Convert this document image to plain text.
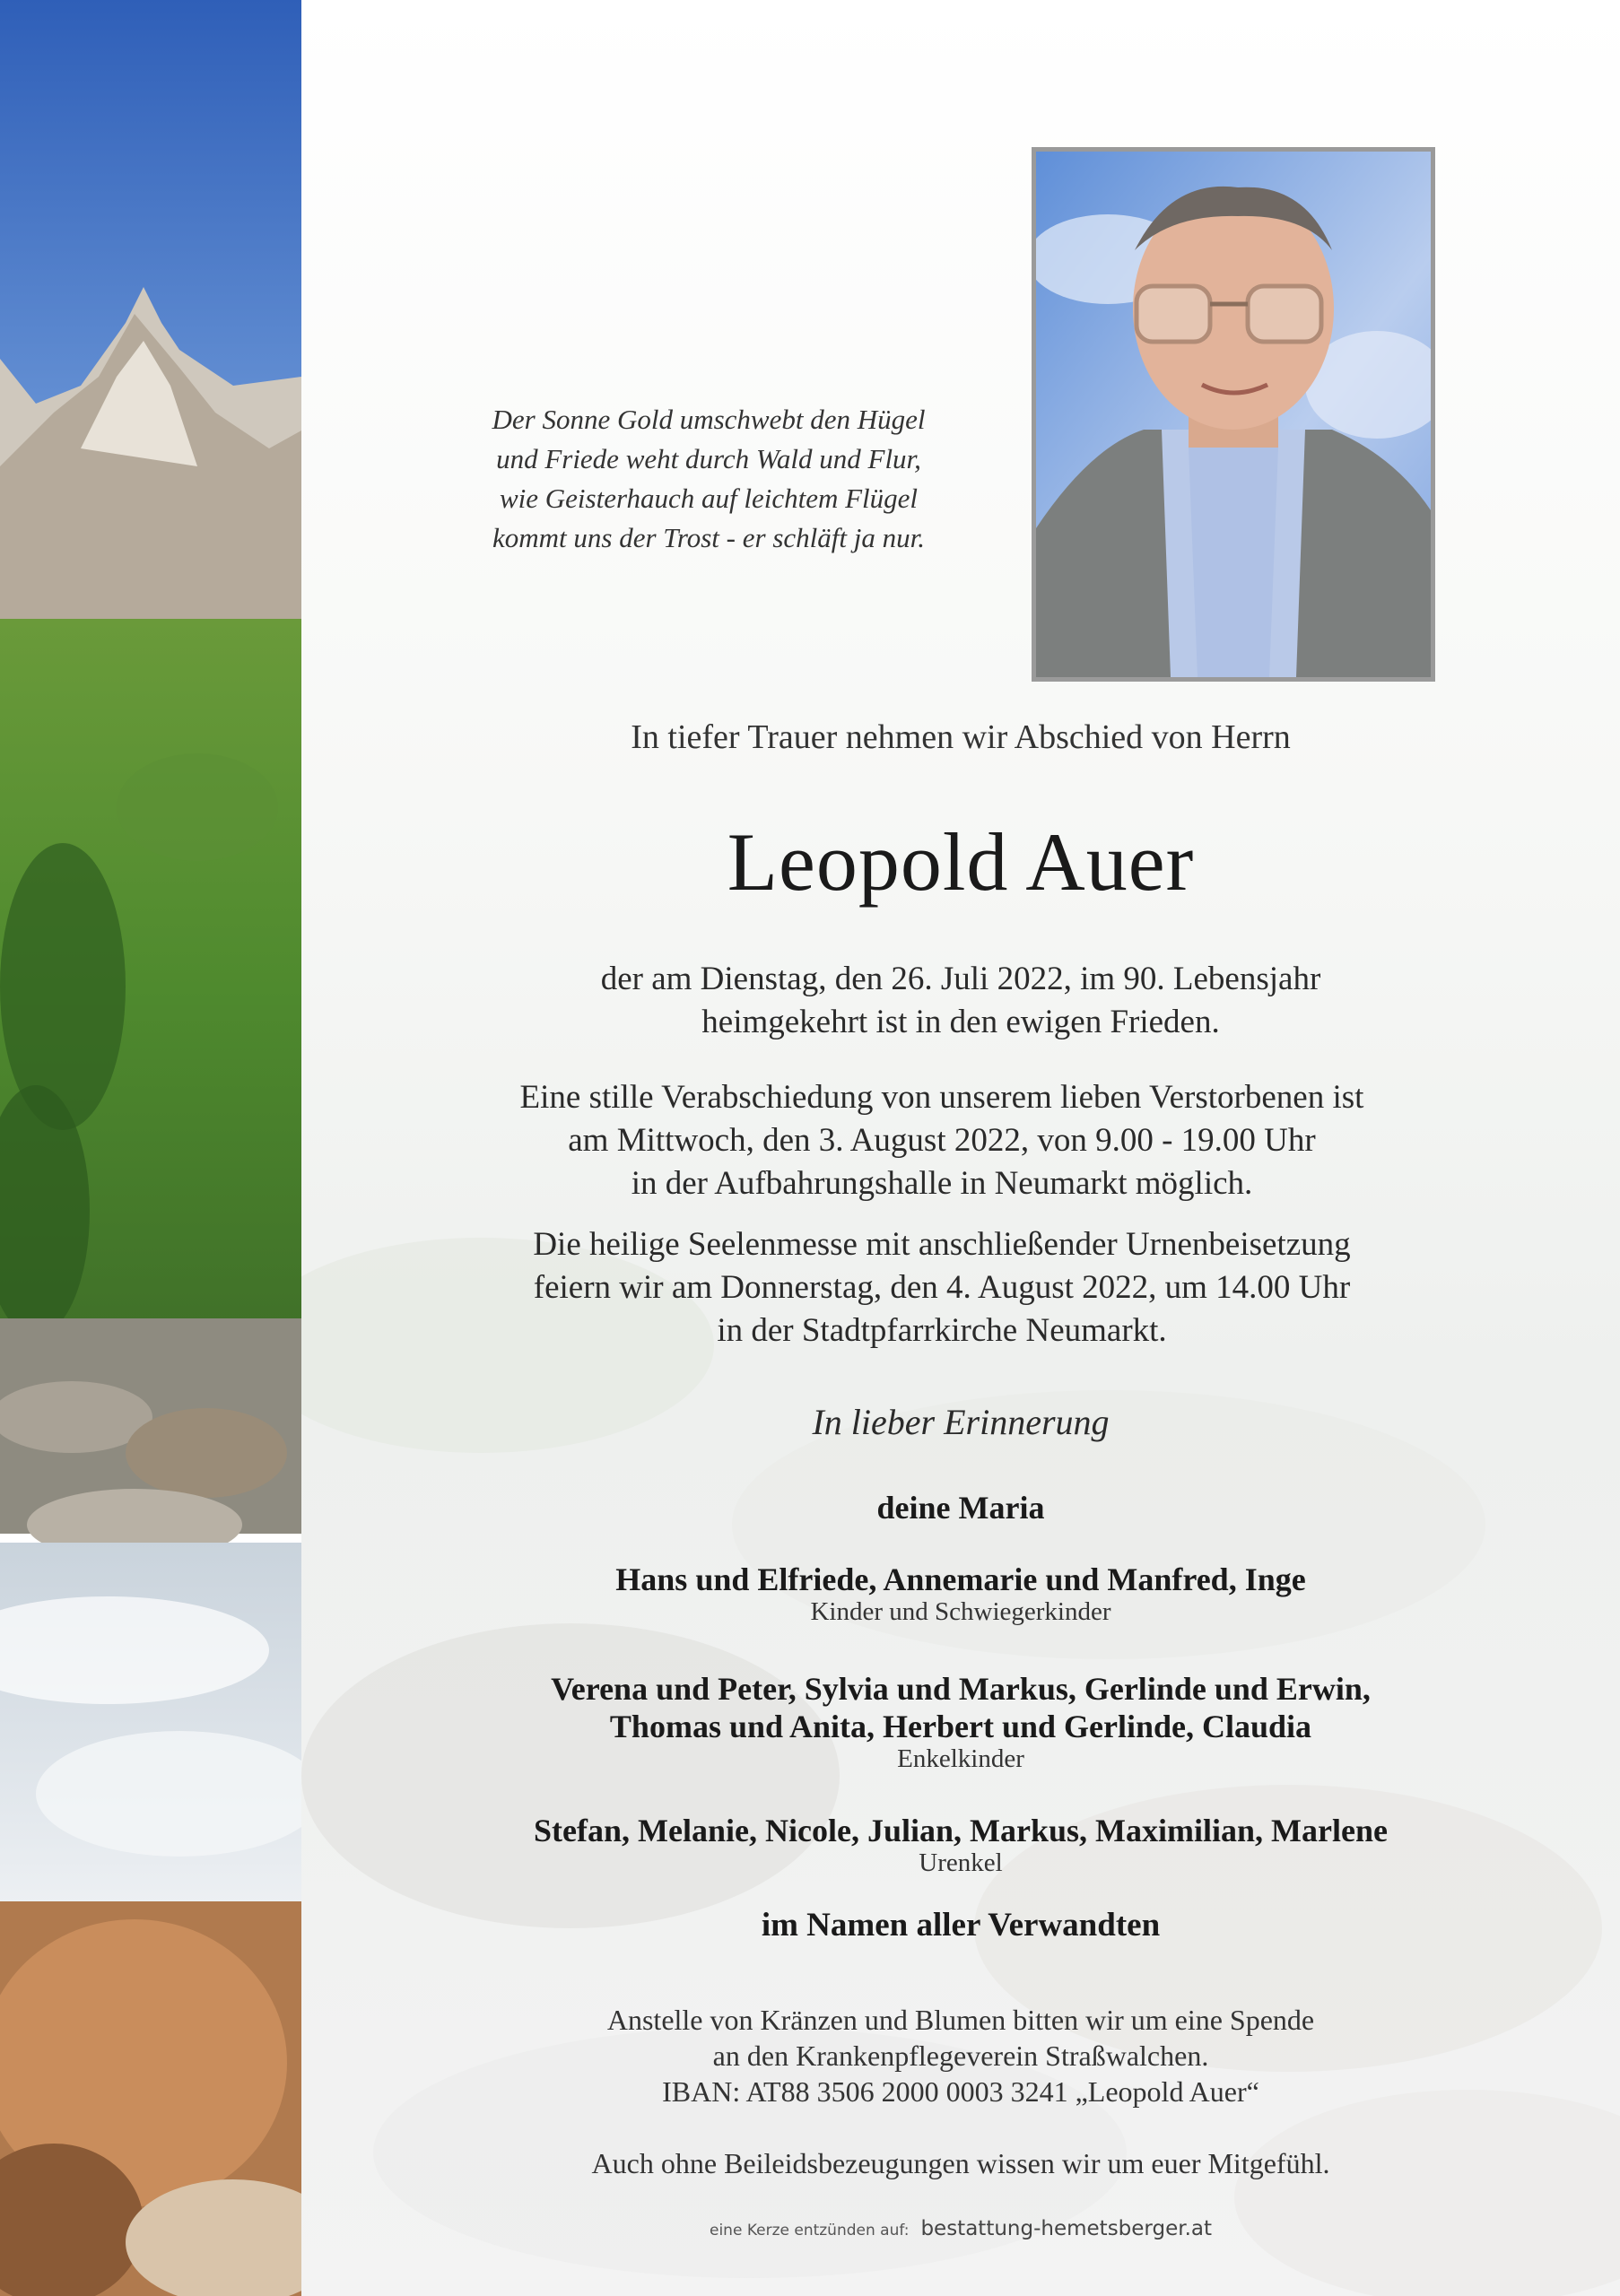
Der Sonne Gold umschwebt den Hügel
und Friede weht durch Wald und Flur,
wie Geisterhauch auf leichtem Flügel
kommt uns der Trost - er schläft ja nur.
In tiefer Trauer nehmen wir Abschied von Herrn
Leopold Auer
der am Dienstag, den 26. Juli 2022, im 90. Lebensjahr
heimgekehrt ist in den ewigen Frieden.
Eine stille Verabschiedung von unserem lieben Verstorbenen ist
am Mittwoch, den 3. August 2022, von 9.00 - 19.00 Uhr
in der Aufbahrungshalle in Neumarkt möglich.
Die heilige Seelenmesse mit anschließender Urnenbeisetzung
feiern wir am Donnerstag, den 4. August 2022, um 14.00 Uhr
in der Stadtpfarrkirche Neumarkt.
In lieber Erinnerung
deine Maria
Hans und Elfriede, Annemarie und Manfred, Inge
Kinder und Schwiegerkinder
Verena und Peter, Sylvia und Markus, Gerlinde und Erwin,
Thomas und Anita, Herbert und Gerlinde, Claudia
Enkelkinder
Stefan, Melanie, Nicole, Julian, Markus, Maximilian, Marlene
Urenkel
im Namen aller Verwandten
Anstelle von Kränzen und Blumen bitten wir um eine Spende
an den Krankenpflegeverein Straßwalchen.
IBAN: AT88 3506 2000 0003 3241 „Leopold Auer“
Auch ohne Beileidsbezeugungen wissen wir um euer Mitgefühl.
eine Kerze entzünden auf: bestattung-hemetsberger.at
